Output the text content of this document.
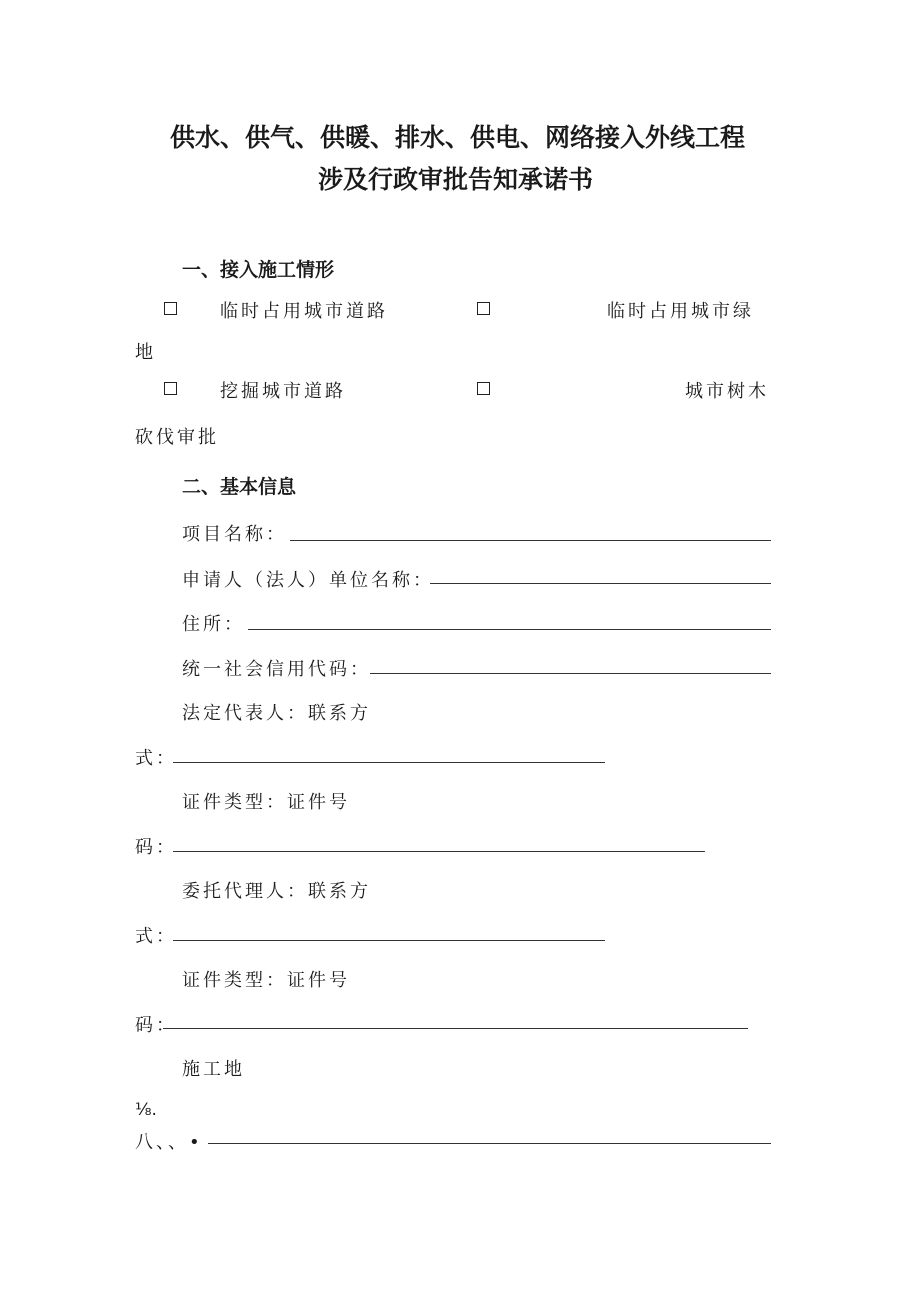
供水、供气、供暖、排水、供电、网络接入外线工程
涉及行政审批告知承诺书
一、接入施工情形
临时占用城市道路	临时占用城市绿
地
挖掘城市道路	城市树木
砍伐审批
二、基本信息
项目名称：
申请人（法人）单位名称：
住所：
统一社会信用代码：
法定代表人：联系方
式：
证件类型：证件号
码：
委托代理人：联系方
式：
证件类型：证件号
码：
施工地
⅛.
八、、•
